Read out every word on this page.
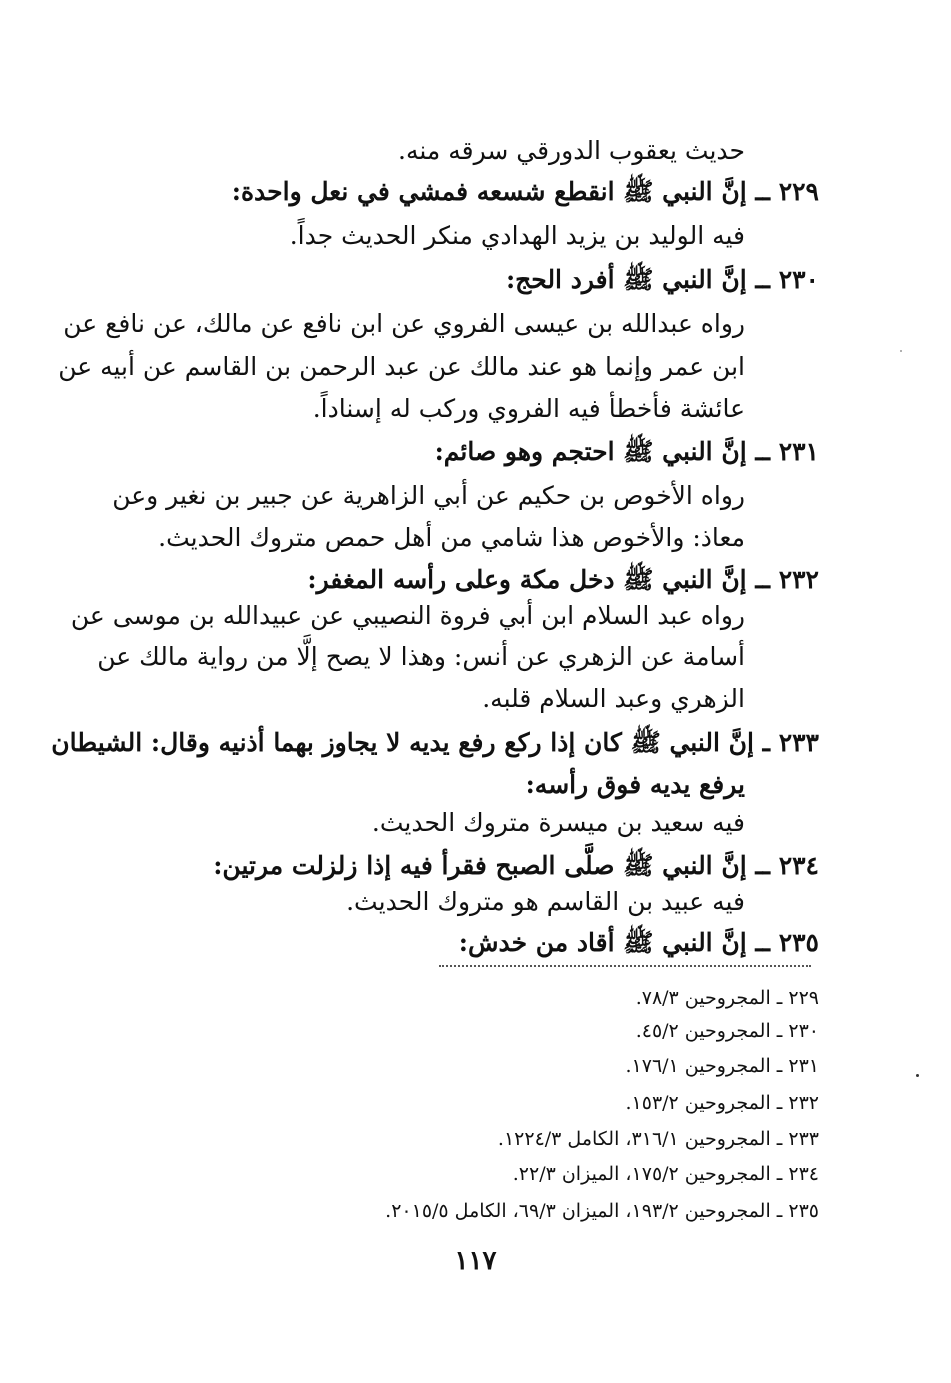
حديث يعقوب الدورقي سرقه منه.
٢٢٩ ــ إنَّ النبي ﷺ انقطع شسعه فمشي في نعل واحدة:
فيه الوليد بن يزيد الهدادي منكر الحديث جداً.
٢٣٠ ــ إنَّ النبي ﷺ أفرد الحج:
رواه عبدالله بن عيسى الفروي عن ابن نافع عن مالك، عن نافع عن
ابن عمر وإنما هو عند مالك عن عبد الرحمن بن القاسم عن أبيه عن
عائشة فأخطأ فيه الفروي وركب له إسناداً.
٢٣١ ــ إنَّ النبي ﷺ احتجم وهو صائم:
رواه الأخوص بن حكيم عن أبي الزاهرية عن جبير بن نغير وعن
معاذ: والأخوص هذا شامي من أهل حمص متروك الحديث.
٢٣٢ ــ إنَّ النبي ﷺ دخل مكة وعلى رأسه المغفر:
رواه عبد السلام ابن أبي فروة النصيبي عن عبيدالله بن موسى عن
أسامة عن الزهري عن أنس: وهذا لا يصح إلَّا من رواية مالك عن
الزهري وعبد السلام قلبه.
٢٣٣ ـ إنَّ النبي ﷺ كان إذا ركع رفع يديه لا يجاوز بهما أذنيه وقال: الشيطان
يرفع يديه فوق رأسه:
فيه سعيد بن ميسرة متروك الحديث.
٢٣٤ ــ إنَّ النبي ﷺ صلَّى الصبح فقرأ فيه إذا زلزلت مرتين:
فيه عبيد بن القاسم هو متروك الحديث.
٢٣٥ ــ إنَّ النبي ﷺ أقاد من خدش:
٢٢٩ ـ المجروحين ٧٨/٣.
٢٣٠ ـ المجروحين ٤٥/٢.
٢٣١ ـ المجروحين ١٧٦/١.
٢٣٢ ـ المجروحين ١٥٣/٢.
٢٣٣ ـ المجروحين ٣١٦/١، الكامل ١٢٢٤/٣.
٢٣٤ ـ المجروحين ١٧٥/٢، الميزان ٢٢/٣.
٢٣٥ ـ المجروحين ١٩٣/٢، الميزان ٦٩/٣، الكامل ٢٠١٥/٥.
١١٧
